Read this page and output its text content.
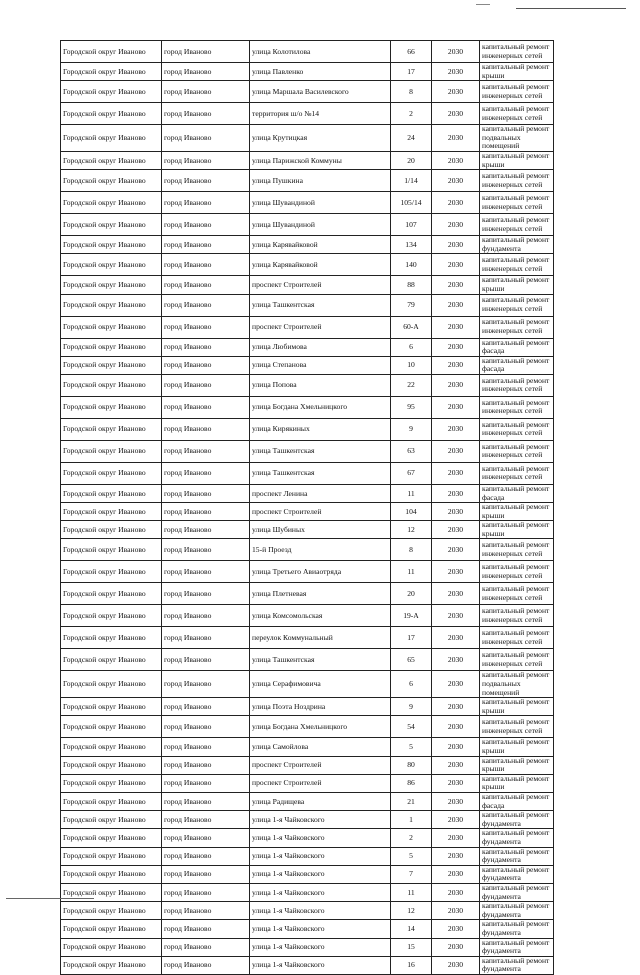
Городской округ Иваново	город Иваново	улица Колотилова	66	2030	капитальный ремонт инженерных сетей
Городской округ Иваново	город Иваново	улица Павленко	17	2030	капитальный ремонт крыши
Городской округ Иваново	город Иваново	улица Маршала Василевского	8	2030	капитальный ремонт инженерных сетей
Городской округ Иваново	город Иваново	территория ш/о №14	2	2030	капитальный ремонт инженерных сетей
Городской округ Иваново	город Иваново	улица Крутицкая	24	2030	капитальный ремонт подвальных помещений
Городской округ Иваново	город Иваново	улица Парижской Коммуны	20	2030	капитальный ремонт крыши
Городской округ Иваново	город Иваново	улица Пушкина	1/14	2030	капитальный ремонт инженерных сетей
Городской округ Иваново	город Иваново	улица Шувандиной	105/14	2030	капитальный ремонт инженерных сетей
Городской округ Иваново	город Иваново	улица Шувандиной	107	2030	капитальный ремонт инженерных сетей
Городской округ Иваново	город Иваново	улица Карявайковой	134	2030	капитальный ремонт фундамента
Городской округ Иваново	город Иваново	улица Карявайковой	140	2030	капитальный ремонт инженерных сетей
Городской округ Иваново	город Иваново	проспект Строителей	88	2030	капитальный ремонт крыши
Городской округ Иваново	город Иваново	улица Ташкентская	79	2030	капитальный ремонт инженерных сетей
Городской округ Иваново	город Иваново	проспект Строителей	60-А	2030	капитальный ремонт инженерных сетей
Городской округ Иваново	город Иваново	улица Любимова	6	2030	капитальный ремонт фасада
Городской округ Иваново	город Иваново	улица Степанова	10	2030	капитальный ремонт фасада
Городской округ Иваново	город Иваново	улица Попова	22	2030	капитальный ремонт инженерных сетей
Городской округ Иваново	город Иваново	улица Богдана Хмельницкого	95	2030	капитальный ремонт инженерных сетей
Городской округ Иваново	город Иваново	улица Кирякиных	9	2030	капитальный ремонт инженерных сетей
Городской округ Иваново	город Иваново	улица Ташкентская	63	2030	капитальный ремонт инженерных сетей
Городской округ Иваново	город Иваново	улица Ташкентская	67	2030	капитальный ремонт инженерных сетей
Городской округ Иваново	город Иваново	проспект Ленина	11	2030	капитальный ремонт фасада
Городской округ Иваново	город Иваново	проспект Строителей	104	2030	капитальный ремонт крыши
Городской округ Иваново	город Иваново	улица Шубиных	12	2030	капитальный ремонт крыши
Городской округ Иваново	город Иваново	15-й Проезд	8	2030	капитальный ремонт инженерных сетей
Городской округ Иваново	город Иваново	улица Третьего Авиаотряда	11	2030	капитальный ремонт инженерных сетей
Городской округ Иваново	город Иваново	улица Плетневая	20	2030	капитальный ремонт инженерных сетей
Городской округ Иваново	город Иваново	улица Комсомольская	19-А	2030	капитальный ремонт инженерных сетей
Городской округ Иваново	город Иваново	переулок Коммунальный	17	2030	капитальный ремонт инженерных сетей
Городской округ Иваново	город Иваново	улица Ташкентская	65	2030	капитальный ремонт инженерных сетей
Городской округ Иваново	город Иваново	улица Серафимовича	6	2030	капитальный ремонт подвальных помещений
Городской округ Иваново	город Иваново	улица Поэта Ноздрина	9	2030	капитальный ремонт крыши
Городской округ Иваново	город Иваново	улица Богдана Хмельницкого	54	2030	капитальный ремонт инженерных сетей
Городской округ Иваново	город Иваново	улица Самойлова	5	2030	капитальный ремонт крыши
Городской округ Иваново	город Иваново	проспект Строителей	80	2030	капитальный ремонт крыши
Городской округ Иваново	город Иваново	проспект Строителей	86	2030	капитальный ремонт крыши
Городской округ Иваново	город Иваново	улица Радищева	21	2030	капитальный ремонт фасада
Городской округ Иваново	город Иваново	улица 1-я Чайковского	1	2030	капитальный ремонт фундамента
Городской округ Иваново	город Иваново	улица 1-я Чайковского	2	2030	капитальный ремонт фундамента
Городской округ Иваново	город Иваново	улица 1-я Чайковского	5	2030	капитальный ремонт фундамента
Городской округ Иваново	город Иваново	улица 1-я Чайковского	7	2030	капитальный ремонт фундамента
Городской округ Иваново	город Иваново	улица 1-я Чайковского	11	2030	капитальный ремонт фундамента
Городской округ Иваново	город Иваново	улица 1-я Чайковского	12	2030	капитальный ремонт фундамента
Городской округ Иваново	город Иваново	улица 1-я Чайковского	14	2030	капитальный ремонт фундамента
Городской округ Иваново	город Иваново	улица 1-я Чайковского	15	2030	капитальный ремонт фундамента
Городской округ Иваново	город Иваново	улица 1-я Чайковского	16	2030	капитальный ремонт фундамента
